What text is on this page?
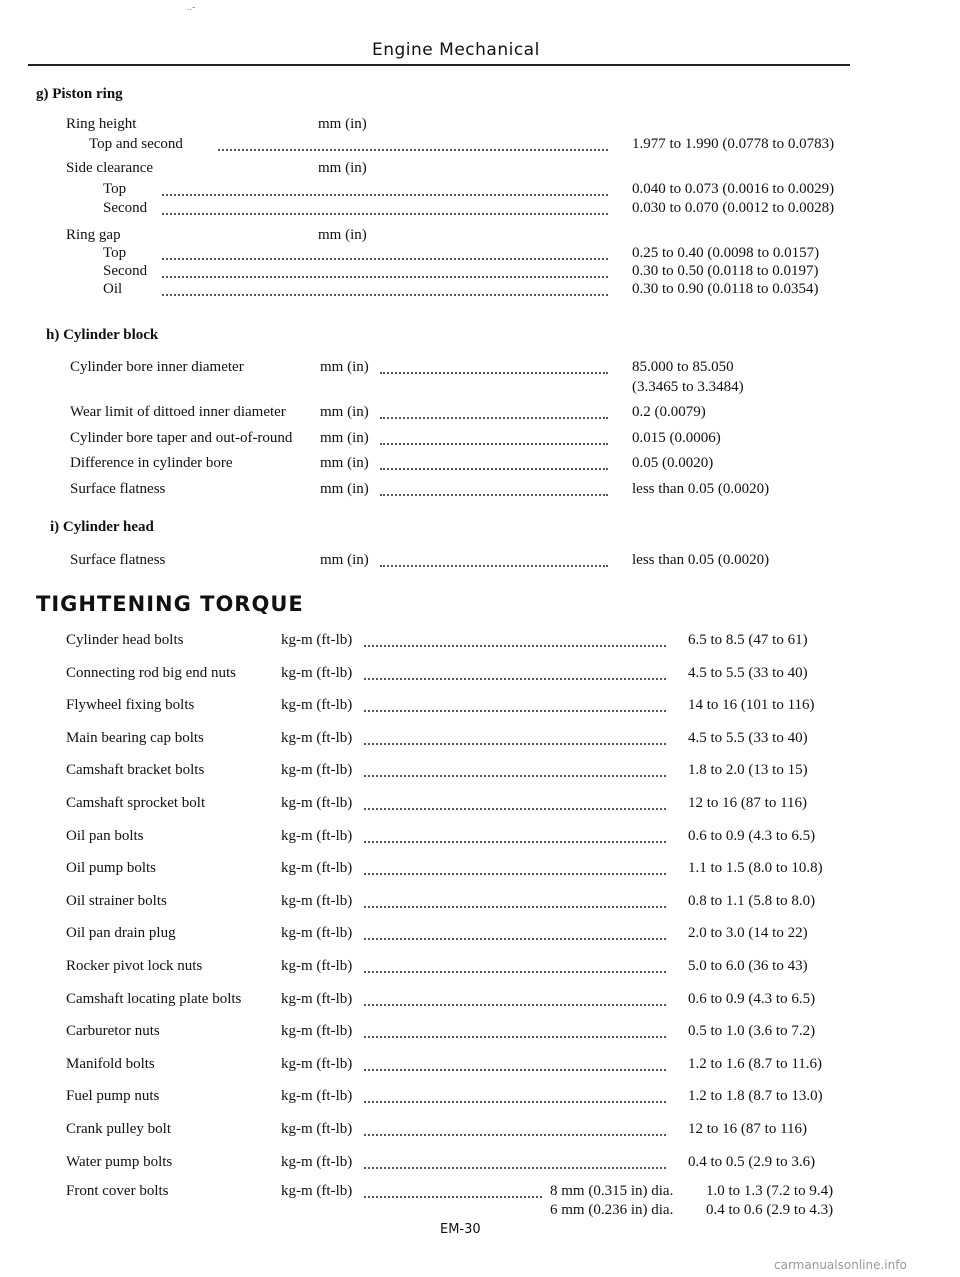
..-
Engine Mechanical
g) Piston ring
Ring height	mm (in)
Top and second	1.977 to 1.990 (0.0778 to 0.0783)
Side clearance	mm (in)
Top	0.040 to 0.073 (0.0016 to 0.0029)
Second	0.030 to 0.070 (0.0012 to 0.0028)
Ring gap	mm (in)
Top	0.25 to 0.40 (0.0098 to 0.0157)
Second	0.30 to 0.50 (0.0118 to 0.0197)
Oil	0.30 to 0.90 (0.0118 to 0.0354)
h) Cylinder block
Cylinder bore inner diameter	mm (in)	85.000 to 85.050
(3.3465 to 3.3484)
Wear limit of dittoed inner diameter mm (in)	0.2 (0.0079)
Cylinder bore taper and out-of-round mm (in)	0.015 (0.0006)
Difference in cylinder bore	mm (in)	0.05 (0.0020)
Surface flatness	mm (in)	less than 0.05 (0.0020)
i) Cylinder head
Surface flatness	mm (in)	less than 0.05 (0.0020)
TIGHTENING TORQUE
Cylinder head bolts	kg-m (ft-lb)	6.5 to 8.5 (47 to 61)
Connecting rod big end nuts	kg-m (ft-lb)	4.5 to 5.5 (33 to 40)
Flywheel fixing bolts	kg-m (ft-lb)	14 to 16 (101 to 116)
Main bearing cap bolts	kg-m (ft-lb)	4.5 to 5.5 (33 to 40)
Camshaft bracket bolts	kg-m (ft-lb)	1.8 to 2.0 (13 to 15)
Camshaft sprocket bolt	kg-m (ft-lb)	12 to 16 (87 to 116)
Oil pan bolts	kg-m (ft-lb)	0.6 to 0.9 (4.3 to 6.5)
Oil pump bolts	kg-m (ft-lb)	1.1 to 1.5 (8.0 to 10.8)
Oil strainer bolts	kg-m (ft-lb)	0.8 to 1.1 (5.8 to 8.0)
Oil pan drain plug	kg-m (ft-lb)	2.0 to 3.0 (14 to 22)
Rocker pivot lock nuts	kg-m (ft-lb)	5.0 to 6.0 (36 to 43)
Camshaft locating plate bolts	kg-m (ft-lb)	0.6 to 0.9 (4.3 to 6.5)
Carburetor nuts	kg-m (ft-lb)	0.5 to 1.0 (3.6 to 7.2)
Manifold bolts	kg-m (ft-lb)	1.2 to 1.6 (8.7 to 11.6)
Fuel pump nuts	kg-m (ft-lb)	1.2 to 1.8 (8.7 to 13.0)
Crank pulley bolt	kg-m (ft-lb)	12 to 16 (87 to 116)
Water pump bolts	kg-m (ft-lb)	0.4 to 0.5 (2.9 to 3.6)
Front cover bolts	kg-m (ft-lb)	8 mm (0.315 in) dia. 1.0 to 1.3 (7.2 to 9.4)
6 mm (0.236 in) dia. 0.4 to 0.6 (2.9 to 4.3)
EM-30
carmanualsonline.info
